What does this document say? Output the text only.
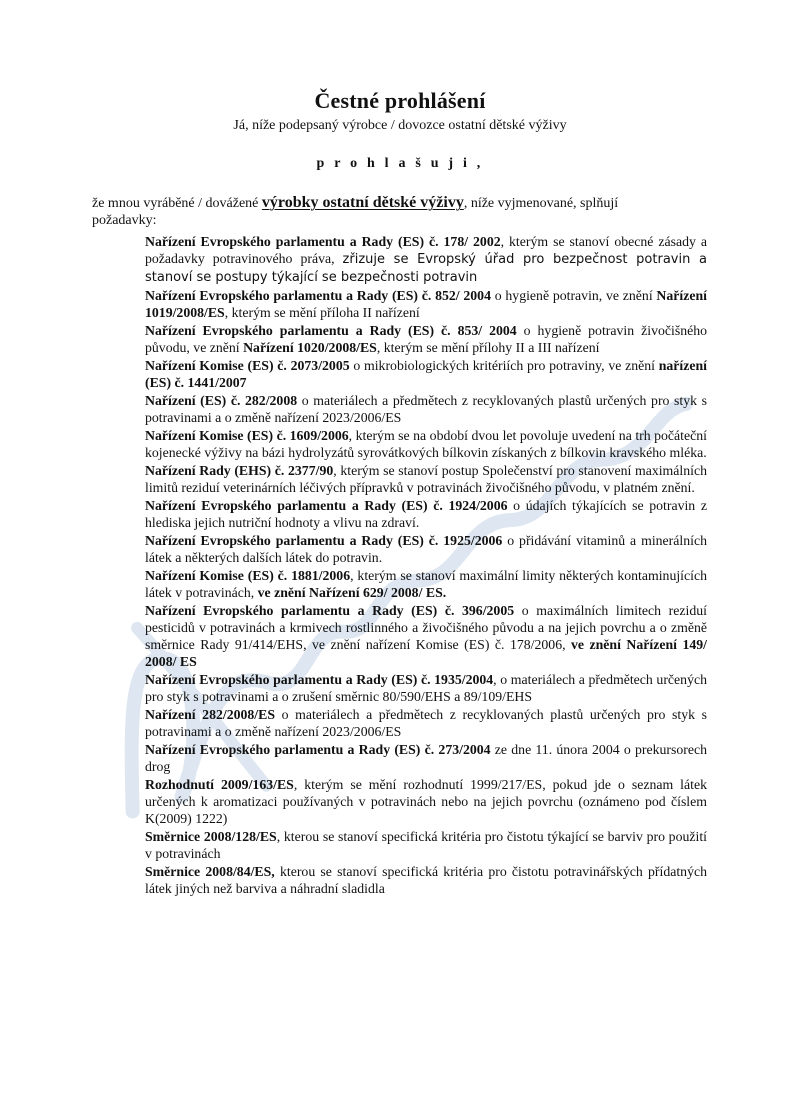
Čestné prohlášení

Já, níže podepsaný výrobce / dovozce ostatní dětské výživy

p r o h l a š u j i ,

že mnou vyráběné / dovážené výrobky ostatní dětské výživy, níže vyjmenované, splňují požadavky:

Nařízení Evropského parlamentu a Rady (ES) č. 178/ 2002, kterým se stanoví obecné zásady a požadavky potravinového práva, zřizuje se Evropský úřad pro bezpečnost potravin a stanoví se postupy týkající se bezpečnosti potravin

Nařízení Evropského parlamentu a Rady (ES) č. 852/ 2004 o hygieně potravin, ve znění Nařízení 1019/2008/ES, kterým se mění příloha II nařízení

Nařízení Evropského parlamentu a Rady (ES) č. 853/ 2004 o hygieně potravin živočišného původu, ve znění Nařízení 1020/2008/ES, kterým se mění přílohy II a III nařízení

Nařízení Komise (ES) č. 2073/2005 o mikrobiologických kritériích pro potraviny, ve znění nařízení (ES) č. 1441/2007

Nařízení (ES) č. 282/2008 o materiálech a předmětech z recyklovaných plastů určených pro styk s potravinami a o změně nařízení 2023/2006/ES

Nařízení Komise (ES) č. 1609/2006, kterým se na období dvou let povoluje uvedení na trh počáteční kojenecké výživy na bázi hydrolyzátů syrovátkových bílkovin získaných z bílkovin kravského mléka.

Nařízení Rady (EHS) č. 2377/90, kterým se stanoví postup Společenství pro stanovení maximálních limitů reziduí veterinárních léčivých přípravků v potravinách živočišného původu, v platném znění.

Nařízení Evropského parlamentu a Rady (ES) č. 1924/2006 o údajích týkajících se potravin z hlediska jejich nutriční hodnoty a vlivu na zdraví.

Nařízení Evropského parlamentu a Rady (ES) č. 1925/2006 o přidávání vitaminů a minerálních látek a některých dalších látek do potravin.

Nařízení Komise (ES) č. 1881/2006, kterým se stanoví maximální limity některých kontaminujících látek v potravinách, ve znění Nařízení 629/ 2008/ ES.

Nařízení Evropského parlamentu a Rady (ES) č. 396/2005 o maximálních limitech reziduí pesticidů v potravinách a krmivech rostlinného a živočišného původu a na jejich povrchu a o změně směrnice Rady 91/414/EHS, ve znění nařízení Komise (ES) č. 178/2006, ve znění Nařízení 149/ 2008/ ES

Nařízení Evropského parlamentu a Rady (ES) č. 1935/2004, o materiálech a předmětech určených pro styk s potravinami a o zrušení směrnic 80/590/EHS a 89/109/EHS

Nařízení 282/2008/ES o materiálech a předmětech z recyklovaných plastů určených pro styk s potravinami a o změně nařízení 2023/2006/ES

Nařízení Evropského parlamentu a Rady (ES) č. 273/2004 ze dne 11. února 2004 o prekursorech drog

Rozhodnutí 2009/163/ES, kterým se mění rozhodnutí 1999/217/ES, pokud jde o seznam látek určených k aromatizaci používaných v potravinách nebo na jejich povrchu (oznámeno pod číslem K(2009) 1222)

Směrnice 2008/128/ES, kterou se stanoví specifická kritéria pro čistotu týkající se barviv pro použití v potravinách

Směrnice 2008/84/ES, kterou se stanoví specifická kritéria pro čistotu potravinářských přídatných látek jiných než barviva a náhradní sladidla
